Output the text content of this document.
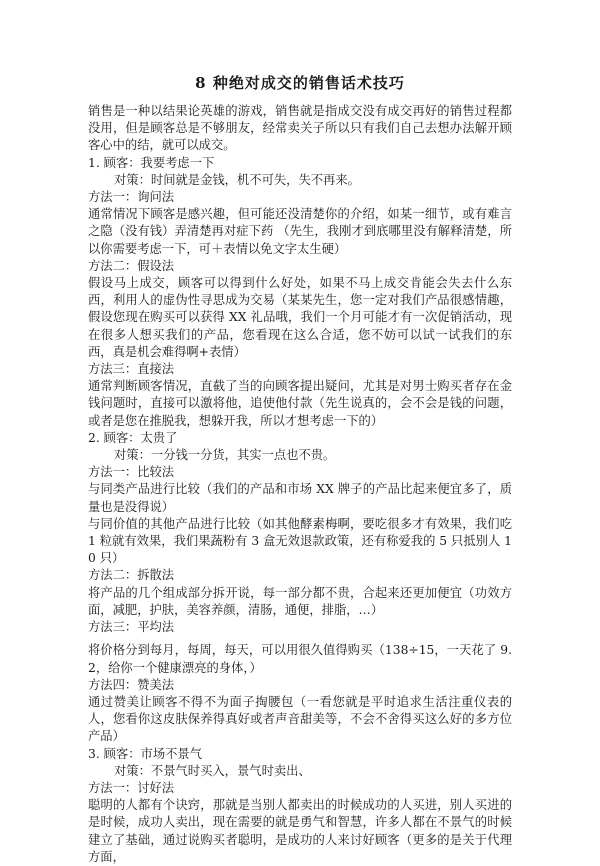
8 种绝对成交的销售话术技巧

销售是一种以结果论英雄的游戏，销售就是指成交没有成交再好的销售过程都没用，但是顾客总是不够朋友，经常卖关子所以只有我们自己去想办法解开顾客心中的结，就可以成交。

1. 顾客：我要考虑一下

对策：时间就是金钱，机不可失，失不再来。

方法一：询问法

通常情况下顾客是感兴趣，但可能还没清楚你的介绍，如某一细节，或有难言之隐（没有钱）弄清楚再对症下药 （先生，我刚才到底哪里没有解释清楚，所以你需要考虑一下，可＋表情以免文字太生硬）

方法二：假设法

假设马上成交，顾客可以得到什么好处，如果不马上成交肯能会失去什么东西，利用人的虚伪性寻思成为交易（某某先生，您一定对我们产品很感情趣，假设您现在购买可以获得 XX 礼品哦，我们一个月可能才有一次促销活动，现在很多人想买我们的产品，您看现在这么合适，您不妨可以试一试我们的东西，真是机会难得啊+表情）

方法三：直接法

通常判断顾客情况，直截了当的向顾客提出疑问，尤其是对男士购买者存在金钱问题时，直接可以激将他，追使他付款（先生说真的，会不会是钱的问题，或者是您在推脱我，想躲开我，所以才想考虑一下的）

2. 顾客：太贵了

对策：一分钱一分货，其实一点也不贵。

方法一：比较法

与同类产品进行比较（我们的产品和市场 XX 牌子的产品比起来便宜多了，质量也是没得说）

与同价值的其他产品进行比较（如其他酵素梅啊，要吃很多才有效果，我们吃 1 粒就有效果，我们果蔬粉有 3 盒无效退款政策，还有称爱我的 5 只抵别人 10 只）

方法二：拆散法

将产品的几个组成部分拆开说，每一部分都不贵，合起来还更加便宜（功效方面，减肥，护肤，美容养颜，清肠，通便，排脂，…）

方法三：平均法

将价格分到每月，每周，每天，可以用很久值得购买（138÷15，一天花了 9.2，给你一个健康漂亮的身体，）

方法四：赞美法

通过赞美让顾客不得不为面子掏腰包（一看您就是平时追求生活注重仪表的人，您看你这皮肤保养得真好或者声音甜美等，不会不舍得买这么好的多方位产品）

3. 顾客：市场不景气

对策：不景气时买入，景气时卖出、

方法一：讨好法

聪明的人都有个诀窍，那就是当别人都卖出的时候成功的人买进，别人买进的是时候，成功人卖出，现在需要的就是勇气和智慧，许多人都在不景气的时候建立了基础，通过说购买者聪明，是成功的人来讨好顾客（更多的是关于代理方面，
